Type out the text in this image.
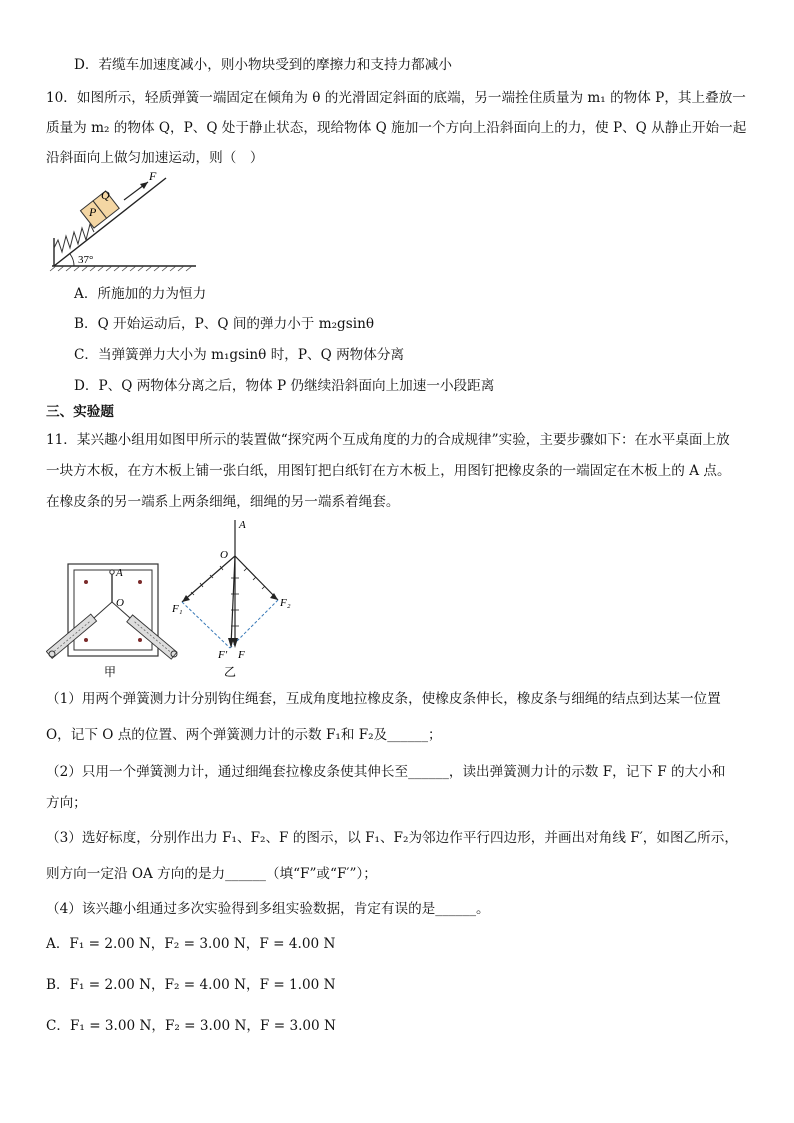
D．若缆车加速度减小，则小物块受到的摩擦力和支持力都减小
10．如图所示，轻质弹簧一端固定在倾角为 θ 的光滑固定斜面的底端，另一端拴住质量为 m₁ 的物体 P，其上叠放一
质量为 m₂ 的物体 Q，P、Q 处于静止状态，现给物体 Q 施加一个方向上沿斜面向上的力，使 P、Q 从静止开始一起
沿斜面向上做匀加速运动，则（　）
P
Q
F
37°
A．所施加的力为恒力
B．Q 开始运动后，P、Q 间的弹力小于 m₂gsinθ
C．当弹簧弹力大小为 m₁gsinθ 时，P、Q 两物体分离
D．P、Q 两物体分离之后，物体 P 仍继续沿斜面向上加速一小段距离
三、实验题
11．某兴趣小组用如图甲所示的装置做“探究两个互成角度的力的合成规律”实验，主要步骤如下：在水平桌面上放
一块方木板，在方木板上铺一张白纸，用图钉把白纸钉在方木板上，用图钉把橡皮条的一端固定在木板上的 A 点。
在橡皮条的另一端系上两条细绳，细绳的另一端系着绳套。
A
O
甲
A
O
F₁	F₂
F′ F
乙
（1）用两个弹簧测力计分别钩住绳套，互成角度地拉橡皮条，使橡皮条伸长，橡皮条与细绳的结点到达某一位置
O，记下 O 点的位置、两个弹簧测力计的示数 F₁和 F₂及______；
（2）只用一个弹簧测力计，通过细绳套拉橡皮条使其伸长至______，读出弹簧测力计的示数 F，记下 F 的大小和
方向；
（3）选好标度，分别作出力 F₁、F₂、F 的图示，以 F₁、F₂为邻边作平行四边形，并画出对角线 F′，如图乙所示，
则方向一定沿 OA 方向的是力______（填“F”或“F′”）；
（4）该兴趣小组通过多次实验得到多组实验数据，肯定有误的是______。
A．F₁ = 2.00 N，F₂ = 3.00 N，F = 4.00 N
B．F₁ = 2.00 N，F₂ = 4.00 N，F = 1.00 N
C．F₁ = 3.00 N，F₂ = 3.00 N，F = 3.00 N
